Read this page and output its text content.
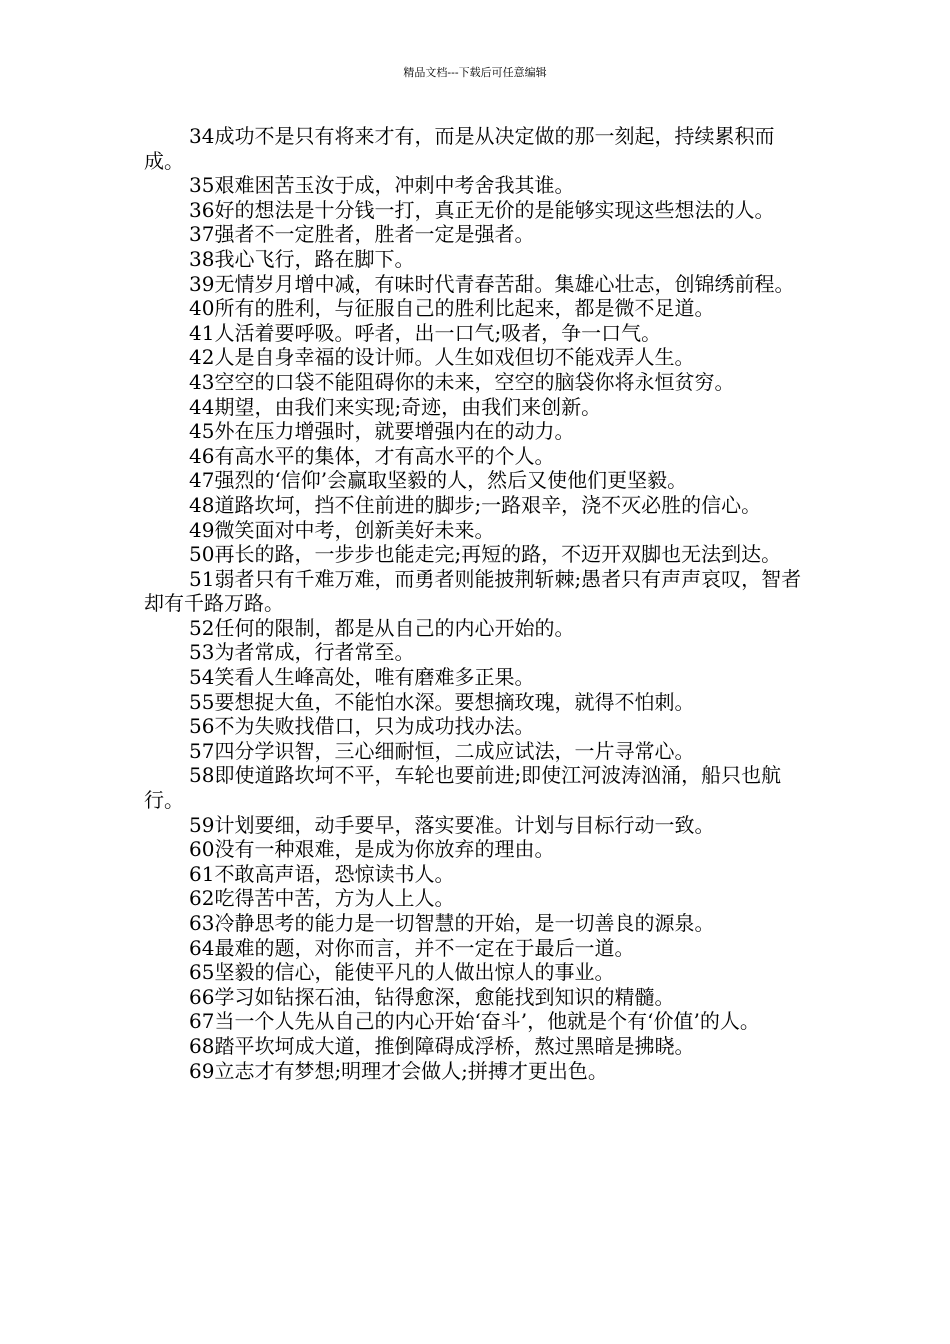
精品文档---下载后可任意编辑

34成功不是只有将来才有，而是从决定做的那一刻起，持续累积而成。

35艰难困苦玉汝于成，冲刺中考舍我其谁。

36好的想法是十分钱一打，真正无价的是能够实现这些想法的人。

37强者不一定胜者，胜者一定是强者。

38我心飞行，路在脚下。

39无情岁月增中减，有味时代青春苦甜。集雄心壮志，创锦绣前程。

40所有的胜利，与征服自己的胜利比起来，都是微不足道。

41人活着要呼吸。呼者，出一口气;吸者，争一口气。

42人是自身幸福的设计师。人生如戏但切不能戏弄人生。

43空空的口袋不能阻碍你的未来，空空的脑袋你将永恒贫穷。

44期望，由我们来实现;奇迹，由我们来创新。

45外在压力增强时，就要增强内在的动力。

46有高水平的集体，才有高水平的个人。

47强烈的‘信仰’会赢取坚毅的人，然后又使他们更坚毅。

48道路坎坷，挡不住前进的脚步;一路艰辛，浇不灭必胜的信心。

49微笑面对中考，创新美好未来。

50再长的路，一步步也能走完;再短的路，不迈开双脚也无法到达。

51弱者只有千难万难，而勇者则能披荆斩棘;愚者只有声声哀叹，智者却有千路万路。

52任何的限制，都是从自己的内心开始的。

53为者常成，行者常至。

54笑看人生峰高处，唯有磨难多正果。

55要想捉大鱼，不能怕水深。要想摘玫瑰，就得不怕刺。

56不为失败找借口，只为成功找办法。

57四分学识智，三心细耐恒，二成应试法，一片寻常心。

58即使道路坎坷不平，车轮也要前进;即使江河波涛汹涌，船只也航行。

59计划要细，动手要早，落实要准。计划与目标行动一致。

60没有一种艰难，是成为你放弃的理由。

61不敢高声语，恐惊读书人。

62吃得苦中苦，方为人上人。

63冷静思考的能力是一切智慧的开始，是一切善良的源泉。

64最难的题，对你而言，并不一定在于最后一道。

65坚毅的信心，能使平凡的人做出惊人的事业。

66学习如钻探石油，钻得愈深，愈能找到知识的精髓。

67当一个人先从自己的内心开始‘奋斗’，他就是个有‘价值’的人。

68踏平坎坷成大道，推倒障碍成浮桥，熬过黑暗是拂晓。

69立志才有梦想;明理才会做人;拼搏才更出色。
